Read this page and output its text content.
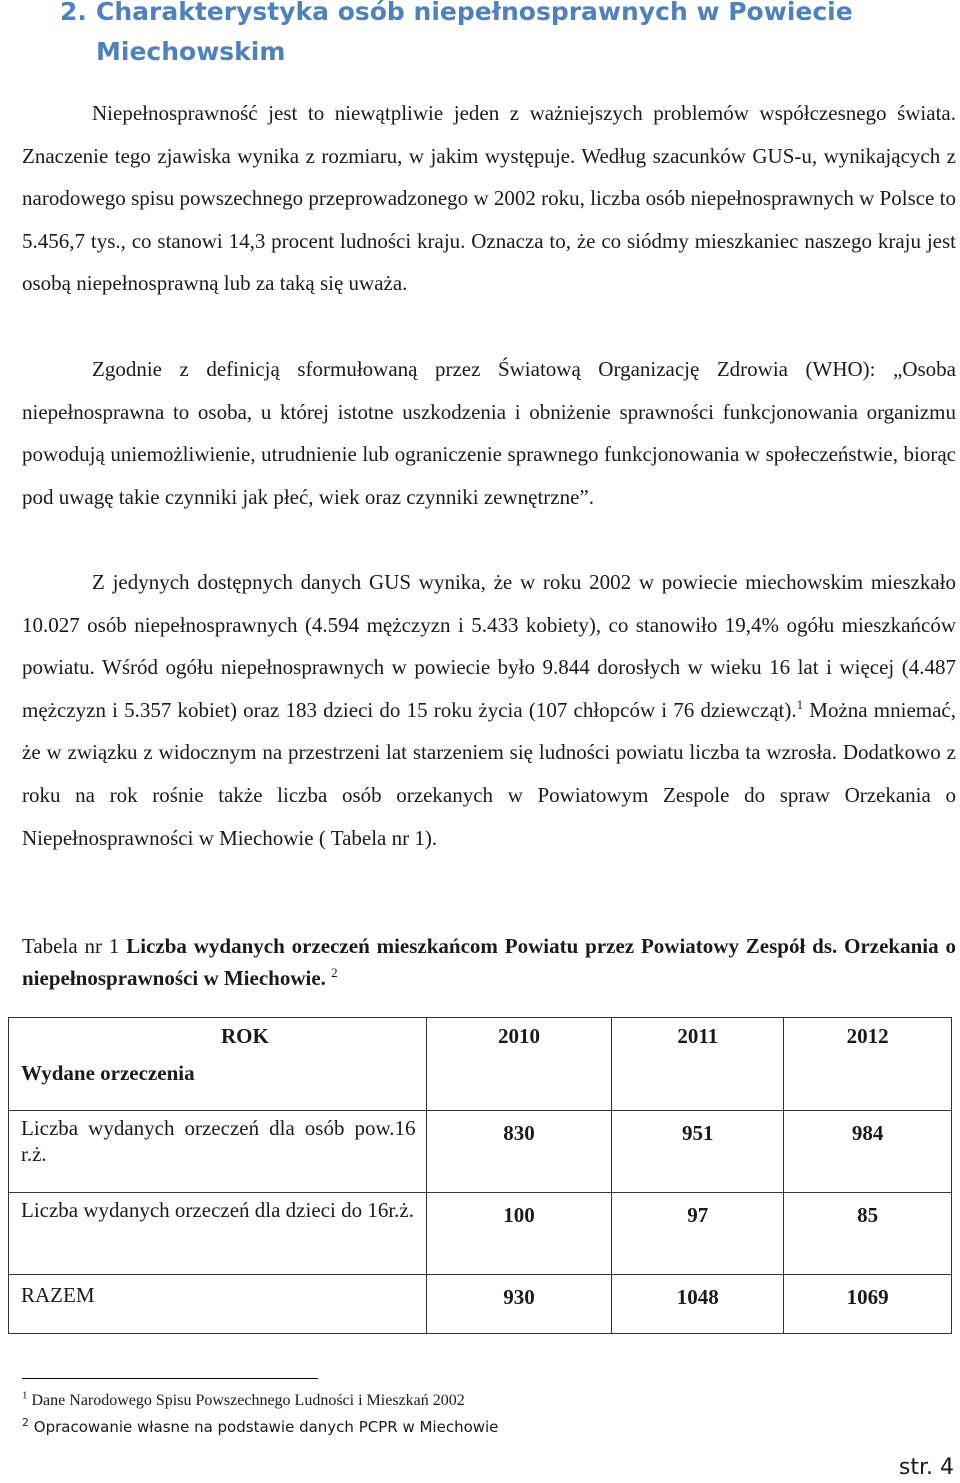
2. Charakterystyka osób niepełnosprawnych w Powiecie Miechowskim

Niepełnosprawność jest to niewątpliwie jeden z ważniejszych problemów współczesnego świata. Znaczenie tego zjawiska wynika z rozmiaru, w jakim występuje. Według szacunków GUS-u, wynikających z narodowego spisu powszechnego przeprowadzonego w 2002 roku, liczba osób niepełnosprawnych w Polsce to 5.456,7 tys., co stanowi 14,3 procent ludności kraju. Oznacza to, że co siódmy mieszkaniec naszego kraju jest osobą niepełnosprawną lub za taką się uważa.

Zgodnie z definicją sformułowaną przez Światową Organizację Zdrowia (WHO): „Osoba niepełnosprawna to osoba, u której istotne uszkodzenia i obniżenie sprawności funkcjonowania organizmu powodują uniemożliwienie, utrudnienie lub ograniczenie sprawnego funkcjonowania w społeczeństwie, biorąc pod uwagę takie czynniki jak płeć, wiek oraz czynniki zewnętrzne”.

Z jedynych dostępnych danych GUS wynika, że w roku 2002 w powiecie miechowskim mieszkało 10.027 osób niepełnosprawnych (4.594 mężczyzn i 5.433 kobiety), co stanowiło 19,4% ogółu mieszkańców powiatu. Wśród ogółu niepełnosprawnych w powiecie było 9.844 dorosłych w wieku 16 lat i więcej (4.487 mężczyzn i 5.357 kobiet) oraz 183 dzieci do 15 roku życia (107 chłopców i 76 dziewcząt).$^1$ Można mniemać, że w związku z widocznym na przestrzeni lat starzeniem się ludności powiatu liczba ta wzrosła. Dodatkowo z roku na rok rośnie także liczba osób orzekanych w Powiatowym Zespole do spraw Orzekania o Niepełnosprawności w Miechowie ( Tabela nr 1).

Tabela nr 1 Liczba wydanych orzeczeń mieszkańcom Powiatu przez Powiatowy Zespół ds. Orzekania o niepełnosprawności w Miechowie. $^2$

ROK
Wydane orzeczenia	2010	2011	2012
Liczba wydanych orzeczeń dla osób pow.16 r.ż.	830	951	984
Liczba wydanych orzeczeń dla dzieci do 16r.ż.	100	97	85
RAZEM	930	1048	1069

$^1$ Dane Narodowego Spisu Powszechnego Ludności i Mieszkań 2002

$^2$ Opracowanie własne na podstawie danych PCPR w Miechowie

str. 4
